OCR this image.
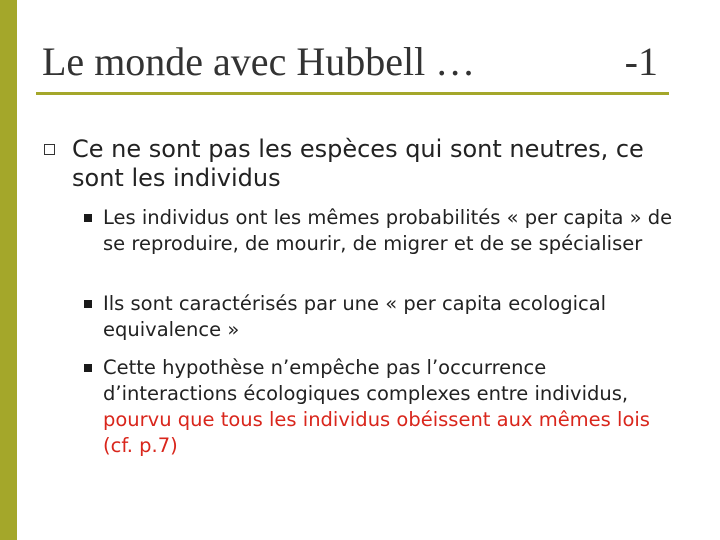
Le monde avec Hubbell …	-1
Ce ne sont pas les espèces qui sont neutres, ce sont les individus
Les individus ont les mêmes probabilités « per capita » de se reproduire, de mourir, de migrer et de se spécialiser
Ils sont caractérisés par une « per capita ecological equivalence »
Cette hypothèse n’empêche pas l’occurrence d’interactions écologiques complexes entre individus, pourvu que tous les individus obéissent aux mêmes lois (cf. p.7)
